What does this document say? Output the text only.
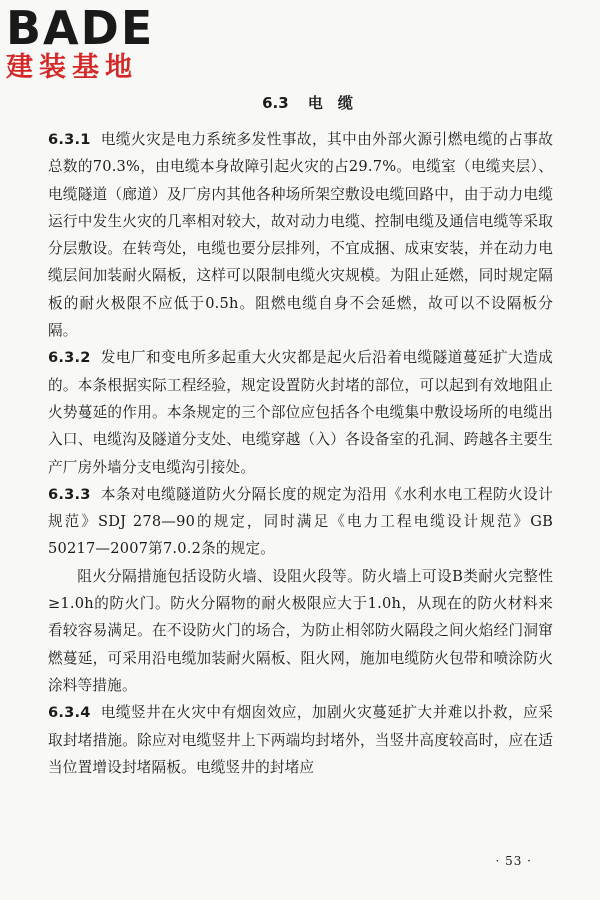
BADE
建装基地
6.3 电　缆

6.3.1 电缆火灾是电力系统多发性事故，其中由外部火源引燃电缆的占事故总数的70.3%，由电缆本身故障引起火灾的占29.7%。电缆室（电缆夹层）、电缆隧道（廊道）及厂房内其他各种场所架空敷设电缆回路中，由于动力电缆运行中发生火灾的几率相对较大，故对动力电缆、控制电缆及通信电缆等采取分层敷设。在转弯处，电缆也要分层排列，不宜成捆、成束安装，并在动力电缆层间加装耐火隔板，这样可以限制电缆火灾规模。为阻止延燃，同时规定隔板的耐火极限不应低于0.5h。阻燃电缆自身不会延燃，故可以不设隔板分隔。

6.3.2 发电厂和变电所多起重大火灾都是起火后沿着电缆隧道蔓延扩大造成的。本条根据实际工程经验，规定设置防火封堵的部位，可以起到有效地阻止火势蔓延的作用。本条规定的三个部位应包括各个电缆集中敷设场所的电缆出入口、电缆沟及隧道分支处、电缆穿越（入）各设备室的孔洞、跨越各主要生产厂房外墙分支电缆沟引接处。

6.3.3 本条对电缆隧道防火分隔长度的规定为沿用《水利水电工程防火设计规范》SDJ 278—90的规定，同时满足《电力工程电缆设计规范》GB 50217—2007第7.0.2条的规定。

阻火分隔措施包括设防火墙、设阻火段等。防火墙上可设B类耐火完整性≥1.0h的防火门。防火分隔物的耐火极限应大于1.0h，从现在的防火材料来看较容易满足。在不设防火门的场合，为防止相邻防火隔段之间火焰经门洞窜燃蔓延，可采用沿电缆加装耐火隔板、阻火网，施加电缆防火包带和喷涂防火涂料等措施。

6.3.4 电缆竖井在火灾中有烟囱效应，加剧火灾蔓延扩大并难以扑救，应采取封堵措施。除应对电缆竖井上下两端均封堵外，当竖井高度较高时，应在适当位置增设封堵隔板。电缆竖井的封堵应

· 53 ·
